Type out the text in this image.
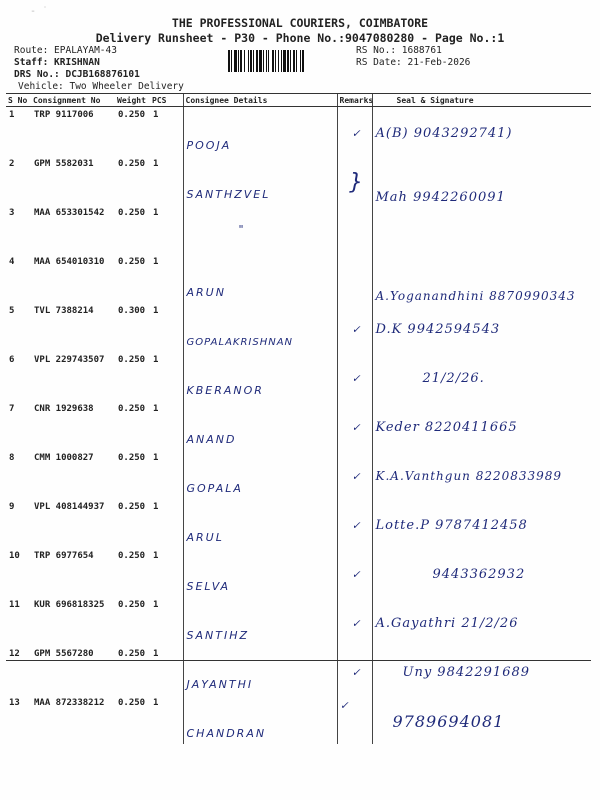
- ˙
THE PROFESSIONAL COURIERS, COIMBATORE
Delivery Runsheet - P30 - Phone No.:9047080280 - Page No.:1
Route: EPALAYAM-43
Staff: KRISHNAN
DRS No.: DCJB168876101
Vehicle: Two Wheeler Delivery
RS No.: 1688761
RS Date: 21-Feb-2026
S No	Consignment No	Weight	PCS	Consignee Details	Remarks	Seal & Signature
1	TRP 9117006	0.250	1	POOJA	✓	A(B) 9043292741)
2	GPM 5582031	0.250	1	SANTHZVEL	}	Mah 9942260091
3	MAA 653301542	0.250	1	"		
4	MAA 654010310	0.250	1	ARUN		A.Yoganandhini 8870990343
5	TVL 7388214	0.300	1	GOPALAKRISHNAN	✓	D.K 9942594543
6	VPL 229743507	0.250	1	KBERANOR	✓	21/2/26.
7	CNR 1929638	0.250	1	ANAND	✓	Keder 8220411665
8	CMM 1000827	0.250	1	GOPALA	✓	K.A.Vanthgun 8220833989
9	VPL 408144937	0.250	1	ARUL	✓	Lotte.P 9787412458
10	TRP 6977654	0.250	1	SELVA	✓	9443362932
11	KUR 696818325	0.250	1	SANTIHZ	✓	A.Gayathri 21/2/26
12	GPM 5567280	0.250	1	JAYANTHI	✓	Uny 9842291689
13	MAA 872338212	0.250	1	CHANDRAN	✓	9789694081
